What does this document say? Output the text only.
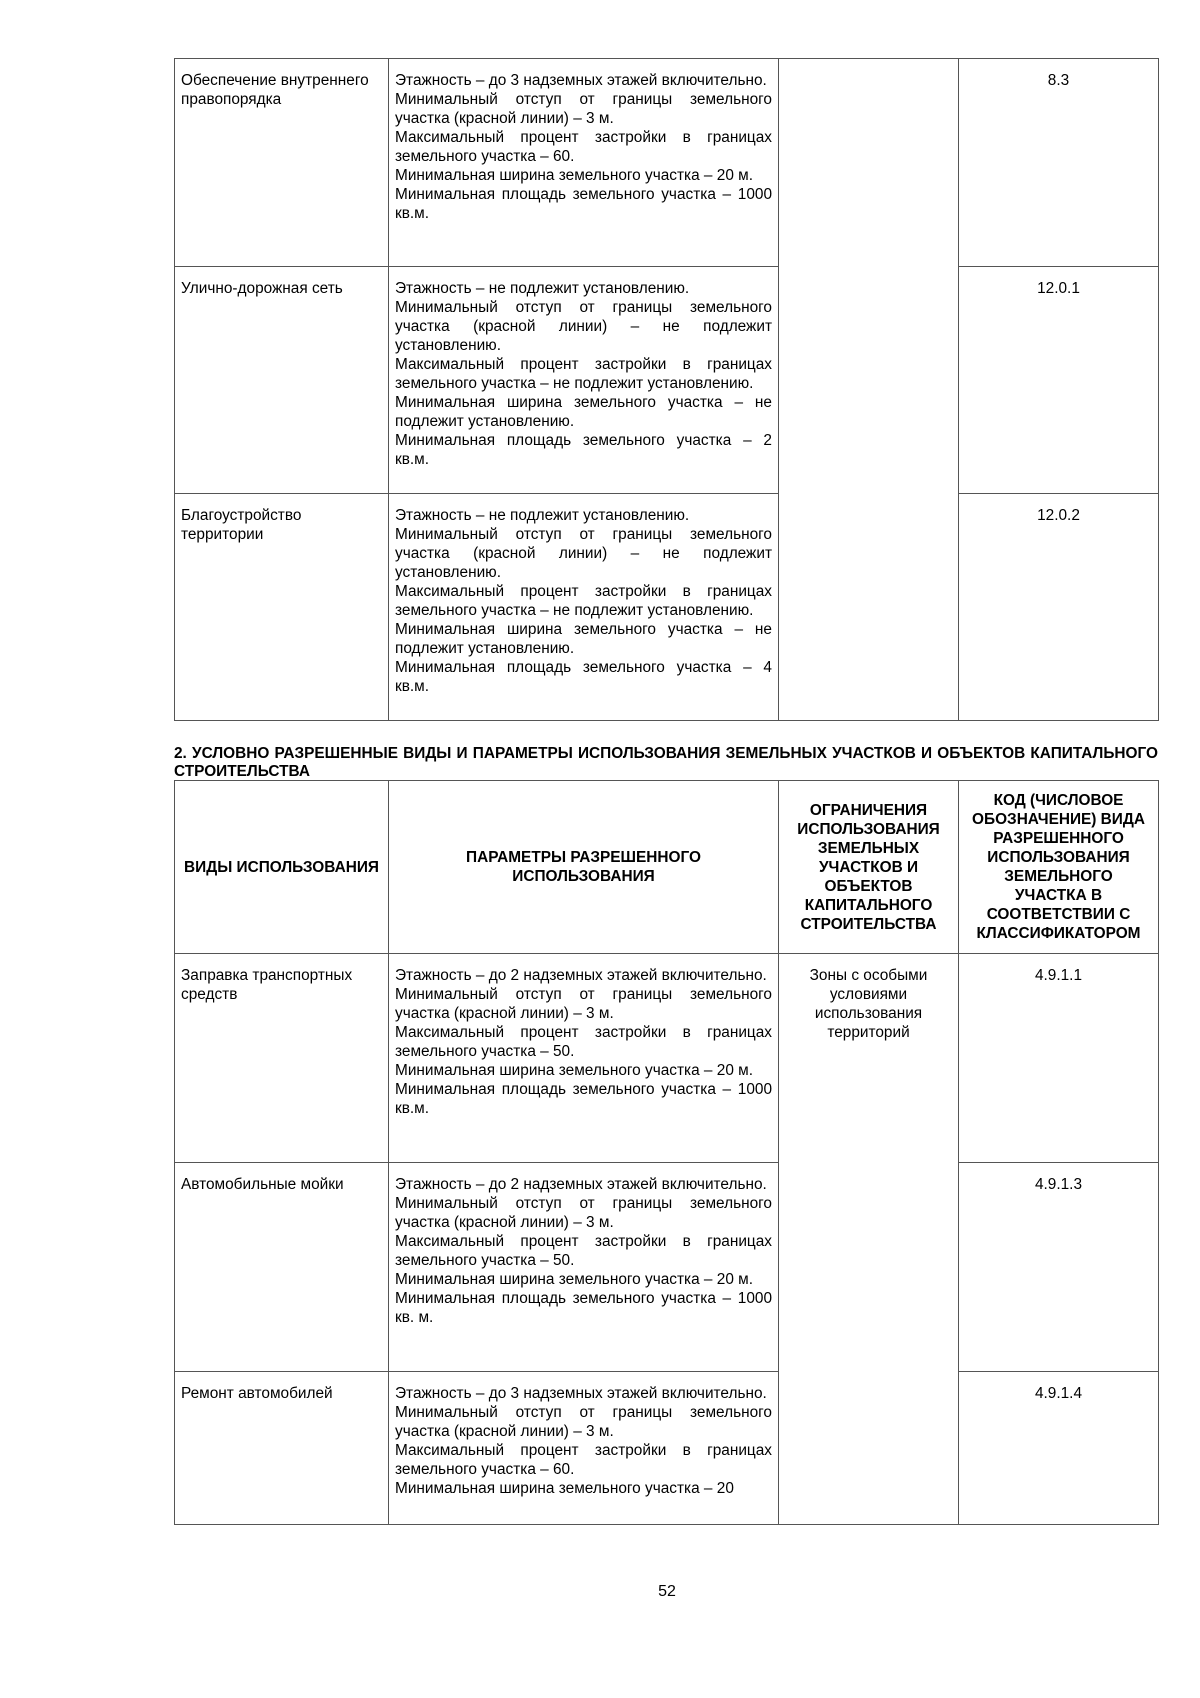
Обеспечение внутреннего правопорядка	Этажность – до 3 надземных этажей включительно.
Минимальный отступ от границы земельного участка (красной линии) – 3 м.
Максимальный процент застройки в границах земельного участка – 60.
Минимальная ширина земельного участка – 20 м.
Минимальная площадь земельного участка – 1000 кв.м.		8.3
Улично-дорожная сеть	Этажность – не подлежит установлению.
Минимальный отступ от границы земельного участка (красной линии) – не подлежит установлению.
Максимальный процент застройки в границах земельного участка – не подлежит установлению.
Минимальная ширина земельного участка – не подлежит установлению.
Минимальная площадь земельного участка – 2 кв.м.		12.0.1
Благоустройство территории	Этажность – не подлежит установлению.
Минимальный отступ от границы земельного участка (красной линии) – не подлежит установлению.
Максимальный процент застройки в границах земельного участка – не подлежит установлению.
Минимальная ширина земельного участка – не подлежит установлению.
Минимальная площадь земельного участка – 4 кв.м.		12.0.2
2. УСЛОВНО РАЗРЕШЕННЫЕ ВИДЫ И ПАРАМЕТРЫ ИСПОЛЬЗОВАНИЯ ЗЕМЕЛЬНЫХ УЧАСТКОВ И ОБЪЕКТОВ КАПИТАЛЬНОГО СТРОИТЕЛЬСТВА
ВИДЫ ИСПОЛЬЗОВАНИЯ	ПАРАМЕТРЫ РАЗРЕШЕННОГО ИСПОЛЬЗОВАНИЯ	ОГРАНИЧЕНИЯ ИСПОЛЬЗОВАНИЯ ЗЕМЕЛЬНЫХ УЧАСТКОВ И ОБЪЕКТОВ КАПИТАЛЬНОГО СТРОИТЕЛЬСТВА	КОД (ЧИСЛОВОЕ ОБОЗНАЧЕНИЕ) ВИДА РАЗРЕШЕННОГО ИСПОЛЬЗОВАНИЯ ЗЕМЕЛЬНОГО УЧАСТКА В СООТВЕТСТВИИ С КЛАССИФИКАТОРОМ
Заправка транспортных средств	Этажность – до 2 надземных этажей включительно.
Минимальный отступ от границы земельного участка (красной линии) – 3 м.
Максимальный процент застройки в границах земельного участка – 50.
Минимальная ширина земельного участка – 20 м.
Минимальная площадь земельного участка – 1000 кв.м.	Зоны с особыми условиями использования территорий	4.9.1.1
Автомобильные мойки	Этажность – до 2 надземных этажей включительно.
Минимальный отступ от границы земельного участка (красной линии) – 3 м.
Максимальный процент застройки в границах земельного участка – 50.
Минимальная ширина земельного участка – 20 м.
Минимальная площадь земельного участка – 1000 кв. м.		4.9.1.3
Ремонт автомобилей	Этажность – до 3 надземных этажей включительно.
Минимальный отступ от границы земельного участка (красной линии) – 3 м.
Максимальный процент застройки в границах земельного участка – 60.
Минимальная ширина земельного участка – 20		4.9.1.4
52
